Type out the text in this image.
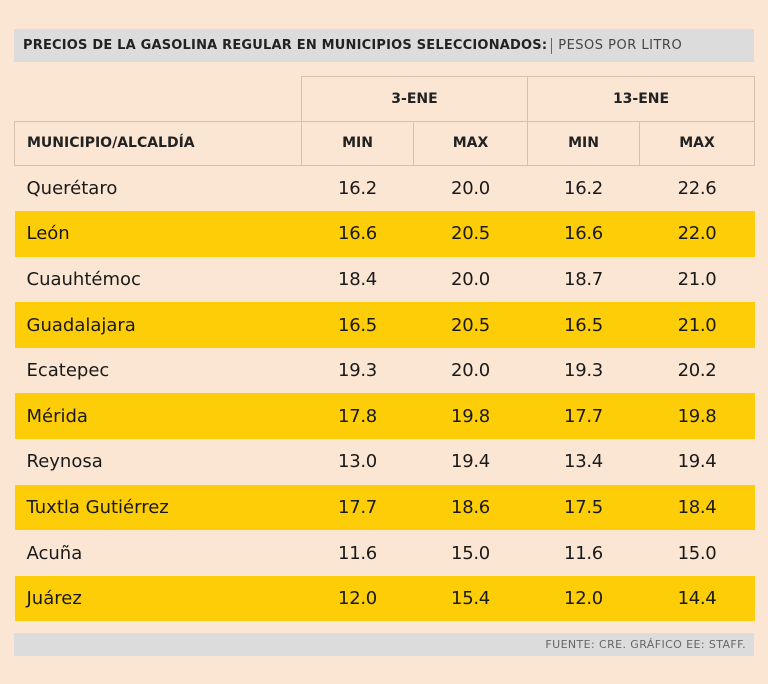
PRECIOS DE LA GASOLINA REGULAR EN MUNICIPIOS SELECCIONADOS: PESOS POR LITRO
	3-ENE		13-ENE	
MUNICIPIO/ALCALDÍA	MIN	MAX	MIN	MAX
Querétaro	16.2	20.0	16.2	22.6
León	16.6	20.5	16.6	22.0
Cuauhtémoc	18.4	20.0	18.7	21.0
Guadalajara	16.5	20.5	16.5	21.0
Ecatepec	19.3	20.0	19.3	20.2
Mérida	17.8	19.8	17.7	19.8
Reynosa	13.0	19.4	13.4	19.4
Tuxtla Gutiérrez	17.7	18.6	17.5	18.4
Acuña	11.6	15.0	11.6	15.0
Juárez	12.0	15.4	12.0	14.4
FUENTE: CRE. GRÁFICO EE: STAFF.
